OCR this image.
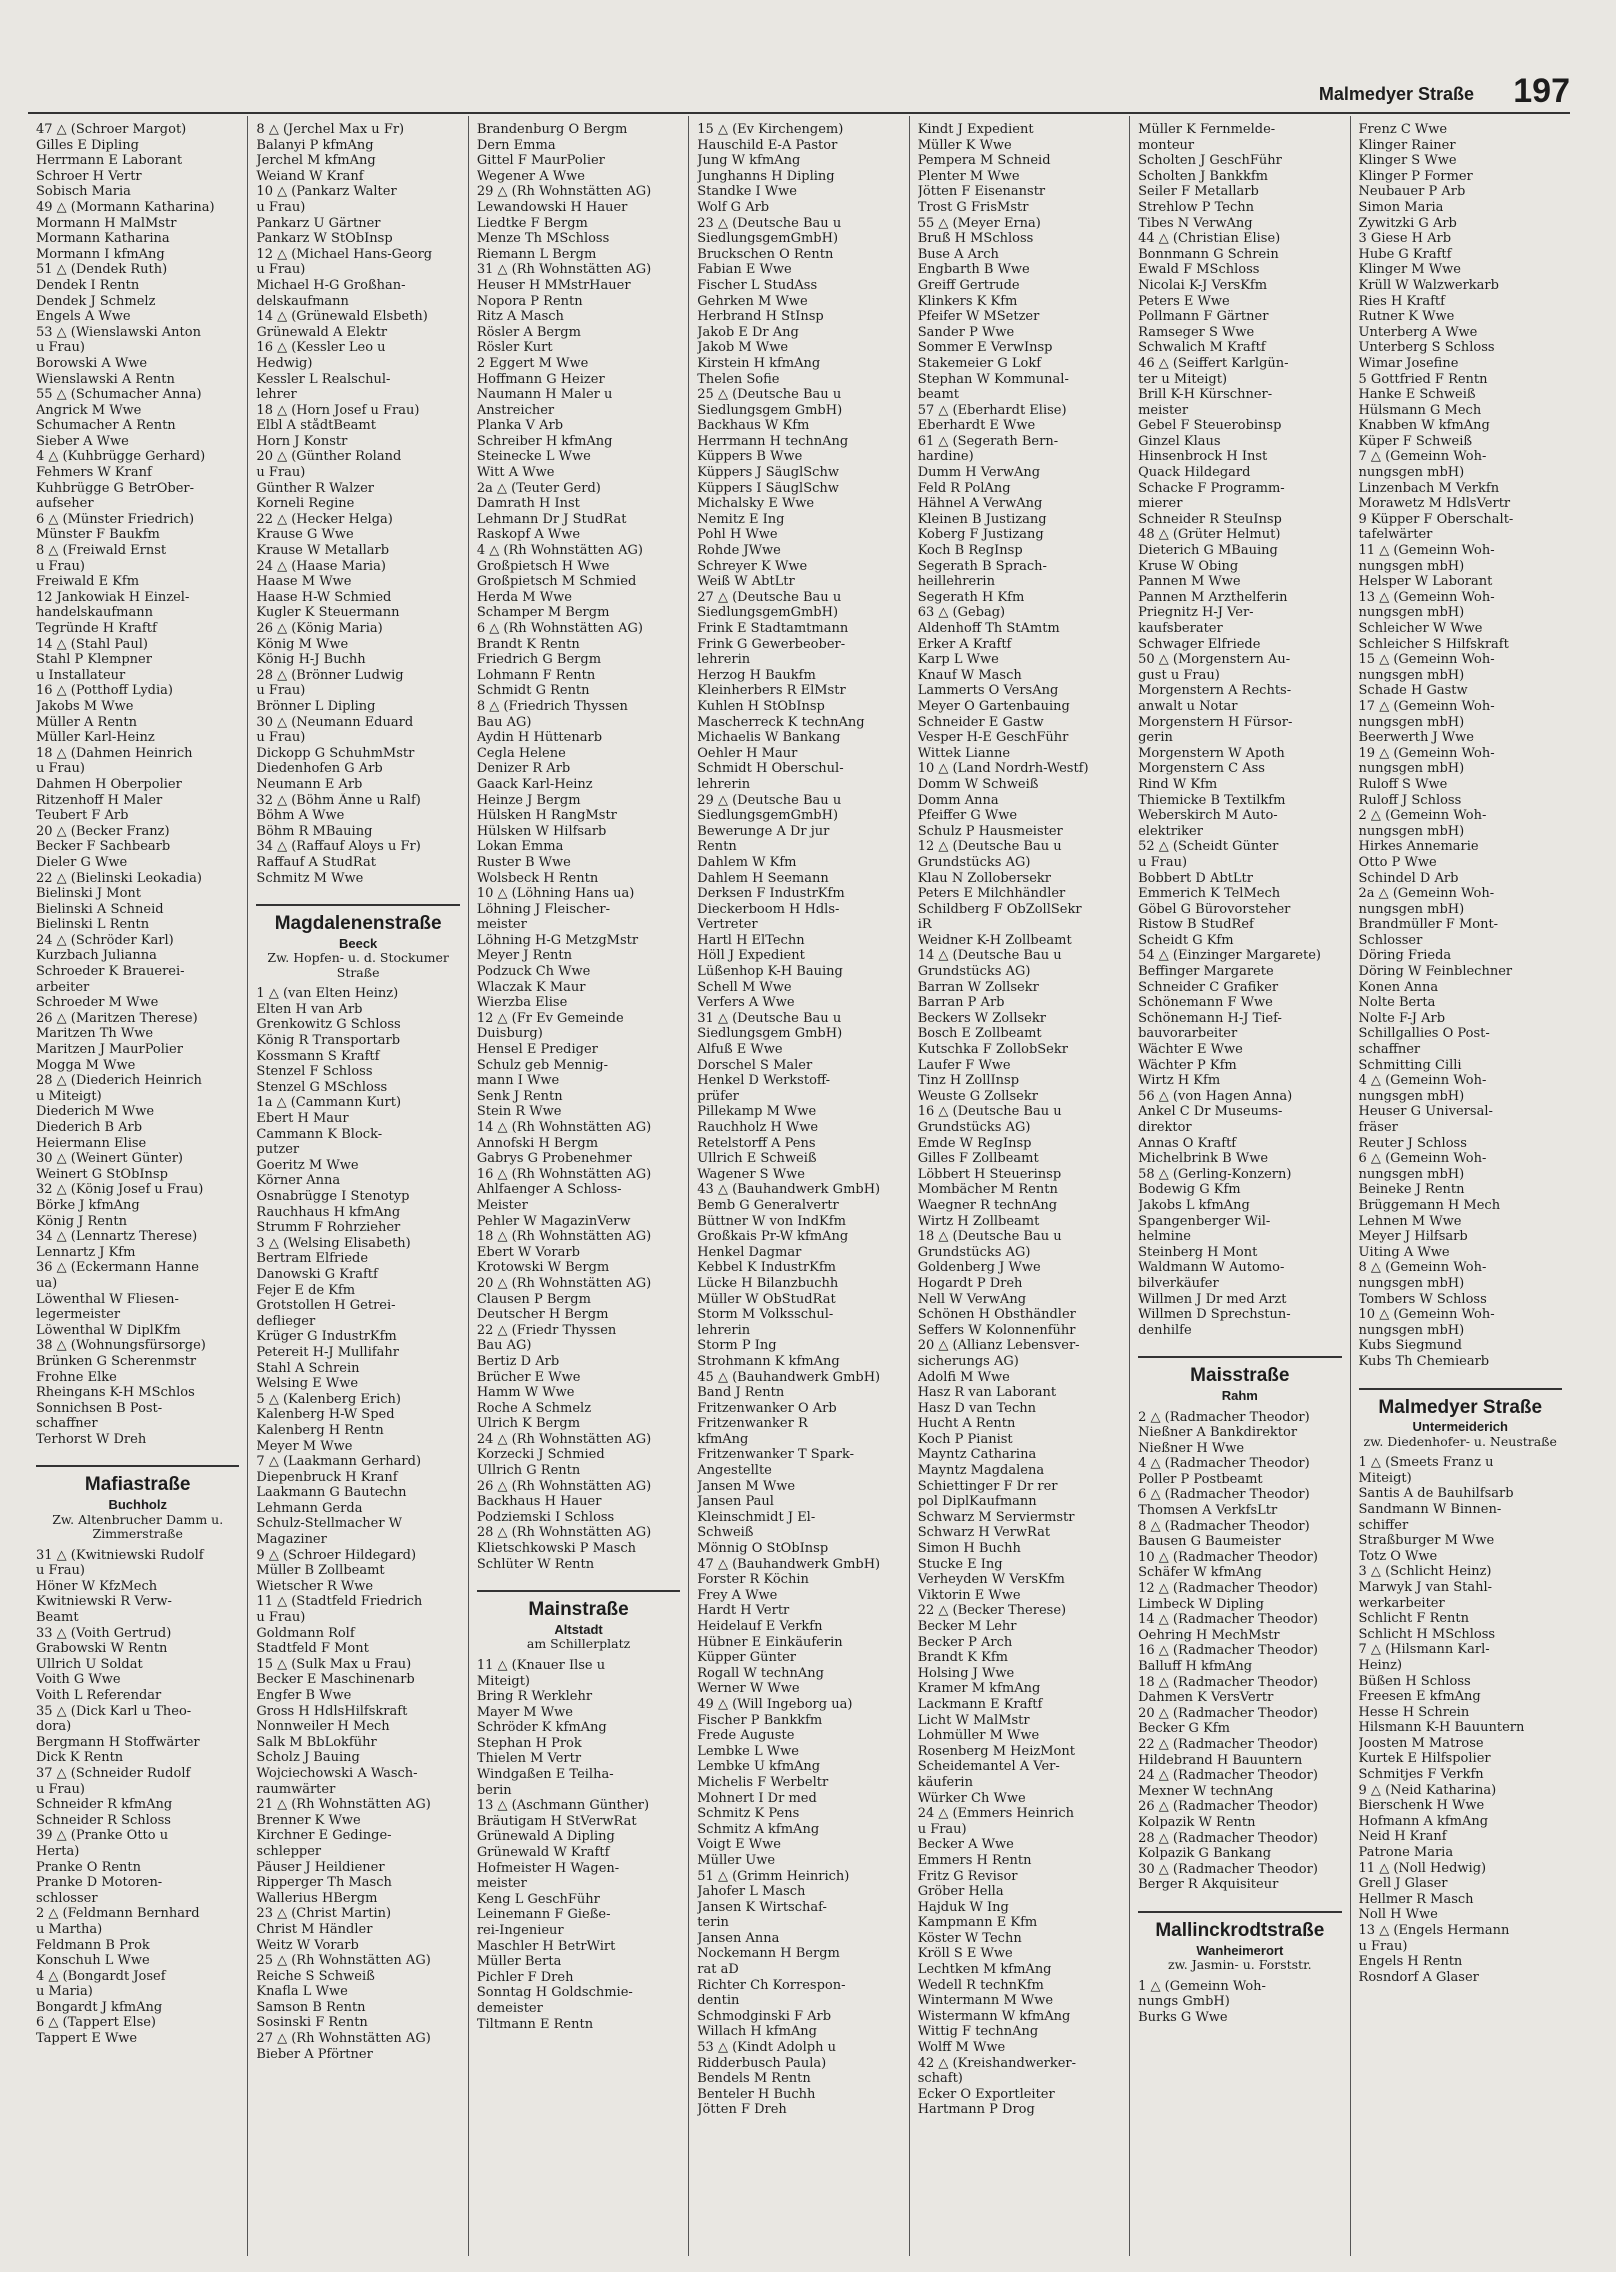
Malmedyer Straße 197
47 △ (Schroer Margot)
Gilles E Dipling
Herrmann E Laborant
Schroer H Vertr
Sobisch Maria
49 △ (Mormann Katharina)
Mormann H MalMstr
Mormann Katharina
Mormann I kfmAng
51 △ (Dendek Ruth)
Dendek I Rentn
Dendek J Schmelz
Engels A Wwe
53 △ (Wienslawski Anton
u Frau)
Borowski A Wwe
Wienslawski A Rentn
55 △ (Schumacher Anna)
Angrick M Wwe
Schumacher A Rentn
Sieber A Wwe
4 △ (Kuhbrügge Gerhard)
Fehmers W Kranf
Kuhbrügge G BetrOber-
aufseher
6 △ (Münster Friedrich)
Münster F Baukfm
8 △ (Freiwald Ernst
u Frau)
Freiwald E Kfm
12 Jankowiak H Einzel-
handelskaufmann
Tegründe H Kraftf
14 △ (Stahl Paul)
Stahl P Klempner
u Installateur
16 △ (Potthoff Lydia)
Jakobs M Wwe
Müller A Rentn
Müller Karl-Heinz
18 △ (Dahmen Heinrich
u Frau)
Dahmen H Oberpolier
Ritzenhoff H Maler
Teubert F Arb
20 △ (Becker Franz)
Becker F Sachbearb
Dieler G Wwe
22 △ (Bielinski Leokadia)
Bielinski J Mont
Bielinski A Schneid
Bielinski L Rentn
24 △ (Schröder Karl)
Kurzbach Julianna
Schroeder K Brauerei-
arbeiter
Schroeder M Wwe
26 △ (Maritzen Therese)
Maritzen Th Wwe
Maritzen J MaurPolier
Mogga M Wwe
28 △ (Diederich Heinrich
u Miteigt)
Diederich M Wwe
Diederich B Arb
Heiermann Elise
30 △ (Weinert Günter)
Weinert G StObInsp
32 △ (König Josef u Frau)
Börke J kfmAng
König J Rentn
34 △ (Lennartz Therese)
Lennartz J Kfm
36 △ (Eckermann Hanne
ua)
Löwenthal W Fliesen-
legermeister
Löwenthal W DiplKfm
38 △ (Wohnungsfürsorge)
Brünken G Scherenmstr
Frohne Elke
Rheingans K-H MSchlos
Sonnichsen B Post-
schaffner
Terhorst W Dreh
Mafiastraße
Buchholz
Zw. Altenbrucher Damm u. Zimmerstraße
31 △ (Kwitniewski Rudolf
u Frau)
Höner W KfzMech
Kwitniewski R Verw-
Beamt
33 △ (Voith Gertrud)
Grabowski W Rentn
Ullrich U Soldat
Voith G Wwe
Voith L Referendar
35 △ (Dick Karl u Theo-
dora)
Bergmann H Stoffwärter
Dick K Rentn
37 △ (Schneider Rudolf
u Frau)
Schneider R kfmAng
Schneider R Schloss
39 △ (Pranke Otto u
Herta)
Pranke O Rentn
Pranke D Motoren-
schlosser
2 △ (Feldmann Bernhard
u Martha)
Feldmann B Prok
Konschuh L Wwe
4 △ (Bongardt Josef
u Maria)
Bongardt J kfmAng
6 △ (Tappert Else)
Tappert E Wwe
8 △ (Jerchel Max u Fr)
Balanyi P kfmAng
Jerchel M kfmAng
Weiand W Kranf
10 △ (Pankarz Walter
u Frau)
Pankarz U Gärtner
Pankarz W StObInsp
12 △ (Michael Hans-Georg
u Frau)
Michael H-G Großhan-
delskaufmann
14 △ (Grünewald Elsbeth)
Grünewald A Elektr
16 △ (Kessler Leo u
Hedwig)
Kessler L Realschul-
lehrer
18 △ (Horn Josef u Frau)
Elbl A stådtBeamt
Horn J Konstr
20 △ (Günther Roland
u Frau)
Günther R Walzer
Korneli Regine
22 △ (Hecker Helga)
Krause G Wwe
Krause W Metallarb
24 △ (Haase Maria)
Haase M Wwe
Haase H-W Schmied
Kugler K Steuermann
26 △ (König Maria)
König M Wwe
König H-J Buchh
28 △ (Brönner Ludwig
u Frau)
Brönner L Dipling
30 △ (Neumann Eduard
u Frau)
Dickopp G SchuhmMstr
Diedenhofen G Arb
Neumann E Arb
32 △ (Böhm Änne u Ralf)
Böhm A Wwe
Böhm R MBauing
34 △ (Raffauf Aloys u Fr)
Raffauf A StudRat
Schmitz M Wwe
Magdalenenstraße
Beeck
Zw. Hopfen- u. d. Stockumer Straße
1 △ (van Elten Heinz)
Elten H van Arb
Grenkowitz G Schloss
König R Transportarb
Kossmann S Kraftf
Stenzel F Schloss
Stenzel G MSchloss
1a △ (Cammann Kurt)
Ebert H Maur
Cammann K Block-
putzer
Goeritz M Wwe
Körner Anna
Osnabrügge I Stenotyp
Rauchhaus H kfmAng
Strumm F Rohrzieher
3 △ (Welsing Elisabeth)
Bertram Elfriede
Danowski G Kraftf
Fejer E de Kfm
Grotstollen H Getrei-
deflieger
Krüger G IndustrKfm
Petereit H-J Mullifahr
Stahl A Schrein
Welsing E Wwe
5 △ (Kalenberg Erich)
Kalenberg H-W Sped
Kalenberg H Rentn
Meyer M Wwe
7 △ (Laakmann Gerhard)
Diepenbruck H Kranf
Laakmann G Bautechn
Lehmann Gerda
Schulz-Stellmacher W
Magaziner
9 △ (Schroer Hildegard)
Müller B Zollbeamt
Wietscher R Wwe
11 △ (Stadtfeld Friedrich
u Frau)
Goldmann Rolf
Stadtfeld F Mont
15 △ (Sulk Max u Frau)
Becker E Maschinenarb
Engfer B Wwe
Gross H HdlsHilfskraft
Nonnweiler H Mech
Salk M BbLokführ
Scholz J Bauing
Wojciechowski A Wasch-
raumwärter
21 △ (Rh Wohnstätten AG)
Brenner K Wwe
Kirchner E Gedinge-
schlepper
Päuser J Heildiener
Ripperger Th Masch
Wallerius HBergm
23 △ (Christ Martin)
Christ M Händler
Weitz W Vorarb
25 △ (Rh Wohnstätten AG)
Reiche S Schweiß
Knafla L Wwe
Samson B Rentn
Sosinski F Rentn
27 △ (Rh Wohnstätten AG)
Bieber A Pförtner
Brandenburg O Bergm
Dern Emma
Gittel F MaurPolier
Wegener A Wwe
29 △ (Rh Wohnstätten AG)
Lewandowski H Hauer
Liedtke F Bergm
Menze Th MSchloss
Riemann L Bergm
31 △ (Rh Wohnstätten AG)
Heuser H MMstrHauer
Nopora P Rentn
Ritz A Masch
Rösler A Bergm
Rösler Kurt
2 Eggert M Wwe
Hoffmann G Heizer
Naumann H Maler u
Anstreicher
Planka V Arb
Schreiber H kfmAng
Steinecke L Wwe
Witt A Wwe
2a △ (Teuter Gerd)
Damrath H Inst
Lehmann Dr J StudRat
Raskopf A Wwe
4 △ (Rh Wohnstätten AG)
Großpietsch H Wwe
Großpietsch M Schmied
Herda M Wwe
Schamper M Bergm
6 △ (Rh Wohnstätten AG)
Brandt K Rentn
Friedrich G Bergm
Lohmann F Rentn
Schmidt G Rentn
8 △ (Friedrich Thyssen
Bau AG)
Aydin H Hüttenarb
Cegla Helene
Denizer R Arb
Gaack Karl-Heinz
Heinze J Bergm
Hülsken H RangMstr
Hülsken W Hilfsarb
Lokan Emma
Ruster B Wwe
Wolsbeck H Rentn
10 △ (Löhning Hans ua)
Löhning J Fleischer-
meister
Löhning H-G MetzgMstr
Meyer J Rentn
Podzuck Ch Wwe
Wlaczak K Maur
Wierzba Elise
12 △ (Fr Ev Gemeinde
Duisburg)
Hensel E Prediger
Schulz geb Mennig-
mann I Wwe
Senk J Rentn
Stein R Wwe
14 △ (Rh Wohnstätten AG)
Annofski H Bergm
Gabrys G Probenehmer
16 △ (Rh Wohnstätten AG)
Ahlfaenger A Schloss-
Meister
Pehler W MagazinVerw
18 △ (Rh Wohnstätten AG)
Ebert W Vorarb
Krotowski W Bergm
20 △ (Rh Wohnstätten AG)
Clausen P Bergm
Deutscher H Bergm
22 △ (Friedr Thyssen
Bau AG)
Bertiz D Arb
Brücher E Wwe
Hamm W Wwe
Roche A Schmelz
Ulrich K Bergm
24 △ (Rh Wohnstätten AG)
Korzecki J Schmied
Ullrich G Rentn
26 △ (Rh Wohnstätten AG)
Backhaus H Hauer
Podziemski I Schloss
28 △ (Rh Wohnstätten AG)
Klietschkowski P Masch
Schlüter W Rentn
Mainstraße
Altstadt
am Schillerplatz
11 △ (Knauer Ilse u
Miteigt)
Bring R Werklehr
Mayer M Wwe
Schröder K kfmAng
Stephan H Prok
Thielen M Vertr
Windgaßen E Teilha-
berin
13 △ (Aschmann Günther)
Bräutigam H StVerwRat
Grünewald A Dipling
Grünewald W Kraftf
Hofmeister H Wagen-
meister
Keng L GeschFühr
Leinemann F Gieße-
rei-Ingenieur
Maschler H BetrWirt
Müller Berta
Pichler F Dreh
Sonntag H Goldschmie-
demeister
Tiltmann E Rentn
15 △ (Ev Kirchengem)
Hauschild E-A Pastor
Jung W kfmAng
Junghanns H Dipling
Standke I Wwe
Wolf G Arb
23 △ (Deutsche Bau u
SiedlungsgemGmbH)
Bruckschen O Rentn
Fabian E Wwe
Fischer L StudAss
Gehrken M Wwe
Herbrand H StInsp
Jakob E Dr Ang
Jakob M Wwe
Kirstein H kfmAng
Thelen Sofie
25 △ (Deutsche Bau u
Siedlungsgem GmbH)
Backhaus W Kfm
Herrmann H technAng
Küppers B Wwe
Küppers J SäuglSchw
Küppers I SäuglSchw
Michalsky E Wwe
Nemitz E Ing
Pohl H Wwe
Rohde JWwe
Schreyer K Wwe
Weiß W AbtLtr
27 △ (Deutsche Bau u
SiedlungsgemGmbH)
Frink E Stadtamtmann
Frink G Gewerbeober-
lehrerin
Herzog H Baukfm
Kleinherbers R ElMstr
Kuhlen H StObInsp
Mascherreck K technAng
Michaelis W Bankang
Oehler H Maur
Schmidt H Oberschul-
lehrerin
29 △ (Deutsche Bau u
SiedlungsgemGmbH)
Bewerunge A Dr jur
Rentn
Dahlem W Kfm
Dahlem H Seemann
Derksen F IndustrKfm
Dieckerboom H Hdls-
Vertreter
Hartl H ElTechn
Höll J Expedient
Lüßenhop K-H Bauing
Schell M Wwe
Verfers A Wwe
31 △ (Deutsche Bau u
Siedlungsgem GmbH)
Alfuß E Wwe
Dorschel S Maler
Henkel D Werkstoff-
prüfer
Pillekamp M Wwe
Rauchholz H Wwe
Retelstorff A Pens
Ullrich E Schweiß
Wagener S Wwe
43 △ (Bauhandwerk GmbH)
Bemb G Generalvertr
Büttner W von IndKfm
Großkais Pr-W kfmAng
Henkel Dagmar
Kebbel K IndustrKfm
Lücke H Bilanzbuchh
Müller W ObStudRat
Storm M Volksschul-
lehrerin
Storm P Ing
Strohmann K kfmAng
45 △ (Bauhandwerk GmbH)
Band J Rentn
Fritzenwanker O Arb
Fritzenwanker R
kfmAng
Fritzenwanker T Spark-
Angestellte
Jansen M Wwe
Jansen Paul
Kleinschmidt J El-
Schweiß
Mönnig O StObInsp
47 △ (Bauhandwerk GmbH)
Forster R Köchin
Frey A Wwe
Hardt H Vertr
Heidelauf E Verkfn
Hübner E Einkäuferin
Küpper Günter
Rogall W technAng
Werner W Wwe
49 △ (Will Ingeborg ua)
Fischer P Bankkfm
Frede Auguste
Lembke L Wwe
Lembke U kfmAng
Michelis F Werbeltr
Mohnert I Dr med
Schmitz K Pens
Schmitz A kfmAng
Voigt E Wwe
Müller Uwe
51 △ (Grimm Heinrich)
Jahofer L Masch
Jansen K Wirtschaf-
terin
Jansen Anna
Nockemann H Bergm
rat aD
Richter Ch Korrespon-
dentin
Schmodginski F Arb
Willach H kfmAng
53 △ (Kindt Adolph u
Ridderbusch Paula)
Bendels M Rentn
Benteler H Buchh
Jötten F Dreh
Kindt J Expedient
Müller K Wwe
Pempera M Schneid
Plenter M Wwe
Jötten F Eisenanstr
Trost G FrisMstr
55 △ (Meyer Erna)
Bruß H MSchloss
Buse A Arch
Engbarth B Wwe
Greiff Gertrude
Klinkers K Kfm
Pfeifer W MSetzer
Sander P Wwe
Sommer E VerwInsp
Stakemeier G Lokf
Stephan W Kommunal-
beamt
57 △ (Eberhardt Elise)
Eberhardt E Wwe
61 △ (Segerath Bern-
hardine)
Dumm H VerwAng
Feld R PolAng
Hähnel A VerwAng
Kleinen B Justizang
Koberg F Justizang
Koch B RegInsp
Segerath B Sprach-
heillehrerin
Segerath H Kfm
63 △ (Gebag)
Aldenhoff Th StAmtm
Erker A Kraftf
Karp L Wwe
Knauf W Masch
Lammerts O VersAng
Meyer O Gartenbauing
Schneider E Gastw
Vesper H-E GeschFühr
Wittek Lianne
10 △ (Land Nordrh-Westf)
Domm W Schweiß
Domm Anna
Pfeiffer G Wwe
Schulz P Hausmeister
12 △ (Deutsche Bau u
Grundstücks AG)
Klau N Zollobersekr
Peters E Milchhändler
Schildberg F ObZollSekr
iR
Weidner K-H Zollbeamt
14 △ (Deutsche Bau u
Grundstücks AG)
Barran W Zollsekr
Barran P Arb
Beckers W Zollsekr
Bosch E Zollbeamt
Kutschka F ZollobSekr
Laufer F Wwe
Tinz H ZollInsp
Weuste G Zollsekr
16 △ (Deutsche Bau u
Grundstücks AG)
Emde W RegInsp
Gilles F Zollbeamt
Löbbert H Steuerinsp
Mombächer M Rentn
Waegner R technAng
Wirtz H Zollbeamt
18 △ (Deutsche Bau u
Grundstücks AG)
Goldenberg J Wwe
Hogardt P Dreh
Nell W VerwAng
Schönen H Obsthändler
Seffers W Kolonnenführ
20 △ (Allianz Lebensver-
sicherungs AG)
Adolfi M Wwe
Hasz R van Laborant
Hasz D van Techn
Hucht A Rentn
Koch P Pianist
Mayntz Catharina
Mayntz Magdalena
Schiettinger F Dr rer
pol DiplKaufmann
Schwarz M Serviermstr
Schwarz H VerwRat
Simon H Buchh
Stucke E Ing
Verheyden W VersKfm
Viktorin E Wwe
22 △ (Becker Therese)
Becker M Lehr
Becker P Arch
Brandt K Kfm
Holsing J Wwe
Kramer M kfmAng
Lackmann E Kraftf
Licht W MalMstr
Lohmüller M Wwe
Rosenberg M HeizMont
Scheidemantel A Ver-
käuferin
Würker Ch Wwe
24 △ (Emmers Heinrich
u Frau)
Becker A Wwe
Emmers H Rentn
Fritz G Revisor
Gröber Hella
Hajduk W Ing
Kampmann E Kfm
Köster W Techn
Kröll S E Wwe
Lechtken M kfmAng
Wedell R technKfm
Wintermann M Wwe
Wistermann W kfmAng
Wittig F technAng
Wolff M Wwe
42 △ (Kreishandwerker-
schaft)
Ecker O Exportleiter
Hartmann P Drog
Müller K Fernmelde-
monteur
Scholten J GeschFühr
Scholten J Bankkfm
Seiler F Metallarb
Strehlow P Techn
Tibes N VerwAng
44 △ (Christian Elise)
Bonnmann G Schrein
Ewald F MSchloss
Nicolai K-J VersKfm
Peters E Wwe
Pollmann F Gärtner
Ramseger S Wwe
Schwalich M Kraftf
46 △ (Seiffert Karlgün-
ter u Miteigt)
Brill K-H Kürschner-
meister
Gebel F Steuerobinsp
Ginzel Klaus
Hinsenbrock H Inst
Quack Hildegard
Schacke F Programm-
mierer
Schneider R SteuInsp
48 △ (Grüter Helmut)
Dieterich G MBauing
Kruse W Obing
Pannen M Wwe
Pannen M Arzthelferin
Priegnitz H-J Ver-
kaufsberater
Schwager Elfriede
50 △ (Morgenstern Au-
gust u Frau)
Morgenstern A Rechts-
anwalt u Notar
Morgenstern H Fürsor-
gerin
Morgenstern W Apoth
Morgenstern C Ass
Rind W Kfm
Thiemicke B Textilkfm
Weberskirch M Auto-
elektriker
52 △ (Scheidt Günter
u Frau)
Bobbert D AbtLtr
Emmerich K TelMech
Göbel G Bürovorsteher
Ristow B StudRef
Scheidt G Kfm
54 △ (Einzinger Margarete)
Beffinger Margarete
Schneider C Grafiker
Schönemann F Wwe
Schönemann H-J Tief-
bauvorarbeiter
Wächter E Wwe
Wächter P Kfm
Wirtz H Kfm
56 △ (von Hagen Anna)
Ankel C Dr Museums-
direktor
Annas O Kraftf
Michelbrink B Wwe
58 △ (Gerling-Konzern)
Bodewig G Kfm
Jakobs L kfmAng
Spangenberger Wil-
helmine
Steinberg H Mont
Waldmann W Automo-
bilverkäufer
Willmen J Dr med Arzt
Willmen D Sprechstun-
denhilfe
Maisstraße
Rahm
2 △ (Radmacher Theodor)
Nießner A Bankdirektor
Nießner H Wwe
4 △ (Radmacher Theodor)
Poller P Postbeamt
6 △ (Radmacher Theodor)
Thomsen A VerkfsLtr
8 △ (Radmacher Theodor)
Bausen G Baumeister
10 △ (Radmacher Theodor)
Schäfer W kfmAng
12 △ (Radmacher Theodor)
Limbeck W Dipling
14 △ (Radmacher Theodor)
Oehring H MechMstr
16 △ (Radmacher Theodor)
Balluff H kfmAng
18 △ (Radmacher Theodor)
Dahmen K VersVertr
20 △ (Radmacher Theodor)
Becker G Kfm
22 △ (Radmacher Theodor)
Hildebrand H Bauuntern
24 △ (Radmacher Theodor)
Mexner W technAng
26 △ (Radmacher Theodor)
Kolpazik W Rentn
28 △ (Radmacher Theodor)
Kolpazik G Bankang
30 △ (Radmacher Theodor)
Berger R Akquisiteur
Mallinckrodtstraße
Wanheimerort
zw. Jasmin- u. Forststr.
1 △ (Gemeinn Woh-
nungs GmbH)
Burks G Wwe
Frenz C Wwe
Klinger Rainer
Klinger S Wwe
Klinger P Former
Neubauer P Arb
Simon Maria
Zywitzki G Arb
3 Giese H Arb
Hube G Kraftf
Klinger M Wwe
Krüll W Walzwerkarb
Ries H Kraftf
Rutner K Wwe
Unterberg A Wwe
Unterberg S Schloss
Wimar Josefine
5 Gottfried F Rentn
Hanke E Schweiß
Hülsmann G Mech
Knabben W kfmAng
Küper F Schweiß
7 △ (Gemeinn Woh-
nungsgen mbH)
Linzenbach M Verkfn
Morawetz M HdlsVertr
9 Küpper F Oberschalt-
tafelwärter
11 △ (Gemeinn Woh-
nungsgen mbH)
Helsper W Laborant
13 △ (Gemeinn Woh-
nungsgen mbH)
Schleicher W Wwe
Schleicher S Hilfskraft
15 △ (Gemeinn Woh-
nungsgen mbH)
Schade H Gastw
17 △ (Gemeinn Woh-
nungsgen mbH)
Beerwerth J Wwe
19 △ (Gemeinn Woh-
nungsgen mbH)
Ruloff S Wwe
Ruloff J Schloss
2 △ (Gemeinn Woh-
nungsgen mbH)
Hirkes Annemarie
Otto P Wwe
Schindel D Arb
2a △ (Gemeinn Woh-
nungsgen mbH)
Brandmüller F Mont-
Schlosser
Döring Frieda
Döring W Feinblechner
Konen Anna
Nolte Berta
Nolte F-J Arb
Schillgallies O Post-
schaffner
Schmitting Cilli
4 △ (Gemeinn Woh-
nungsgen mbH)
Heuser G Universal-
fräser
Reuter J Schloss
6 △ (Gemeinn Woh-
nungsgen mbH)
Beineke J Rentn
Brüggemann H Mech
Lehnen M Wwe
Meyer J Hilfsarb
Uiting A Wwe
8 △ (Gemeinn Woh-
nungsgen mbH)
Tombers W Schloss
10 △ (Gemeinn Woh-
nungsgen mbH)
Kubs Siegmund
Kubs Th Chemiearb
Malmedyer Straße
Untermeiderich
zw. Diedenhofer- u. Neustraße
1 △ (Smeets Franz u
Miteigt)
Santis A de Bauhilfsarb
Sandmann W Binnen-
schiffer
Straßburger M Wwe
Totz O Wwe
3 △ (Schlicht Heinz)
Marwyk J van Stahl-
werkarbeiter
Schlicht F Rentn
Schlicht H MSchloss
7 △ (Hilsmann Karl-
Heinz)
Büßen H Schloss
Freesen E kfmAng
Hesse H Schrein
Hilsmann K-H Bauuntern
Joosten M Matrose
Kurtek E Hilfspolier
Schmitjes F Verkfn
9 △ (Neid Katharina)
Bierschenk H Wwe
Hofmann A kfmAng
Neid H Kranf
Patrone Maria
11 △ (Noll Hedwig)
Grell J Glaser
Hellmer R Masch
Noll H Wwe
13 △ (Engels Hermann
u Frau)
Engels H Rentn
Rosndorf A Glaser
